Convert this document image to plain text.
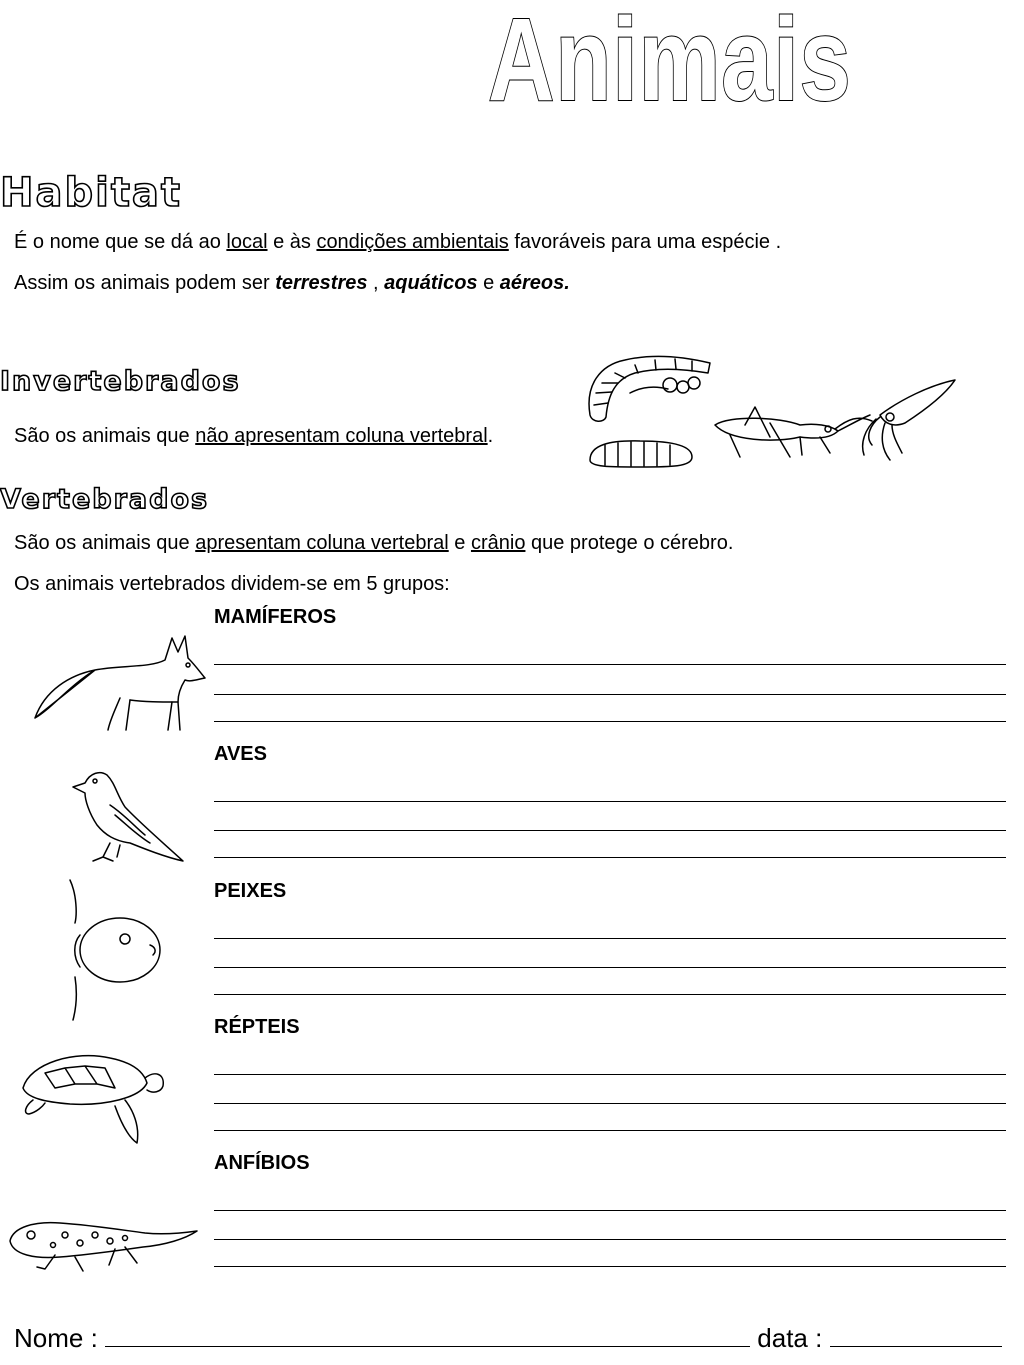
Animais
Habitat
É o nome que se dá ao local e às condições ambientais favoráveis para uma espécie .
Assim os animais podem ser terrestres , aquáticos e aéreos.
Invertebrados
São os animais que não apresentam coluna vertebral.
Vertebrados
São os animais que apresentam coluna vertebral e crânio que protege o cérebro.
Os animais vertebrados dividem-se em 5 grupos:
MAMÍFEROS
AVES
PEIXES
RÉPTEIS
ANFÍBIOS
Nome :	data :
